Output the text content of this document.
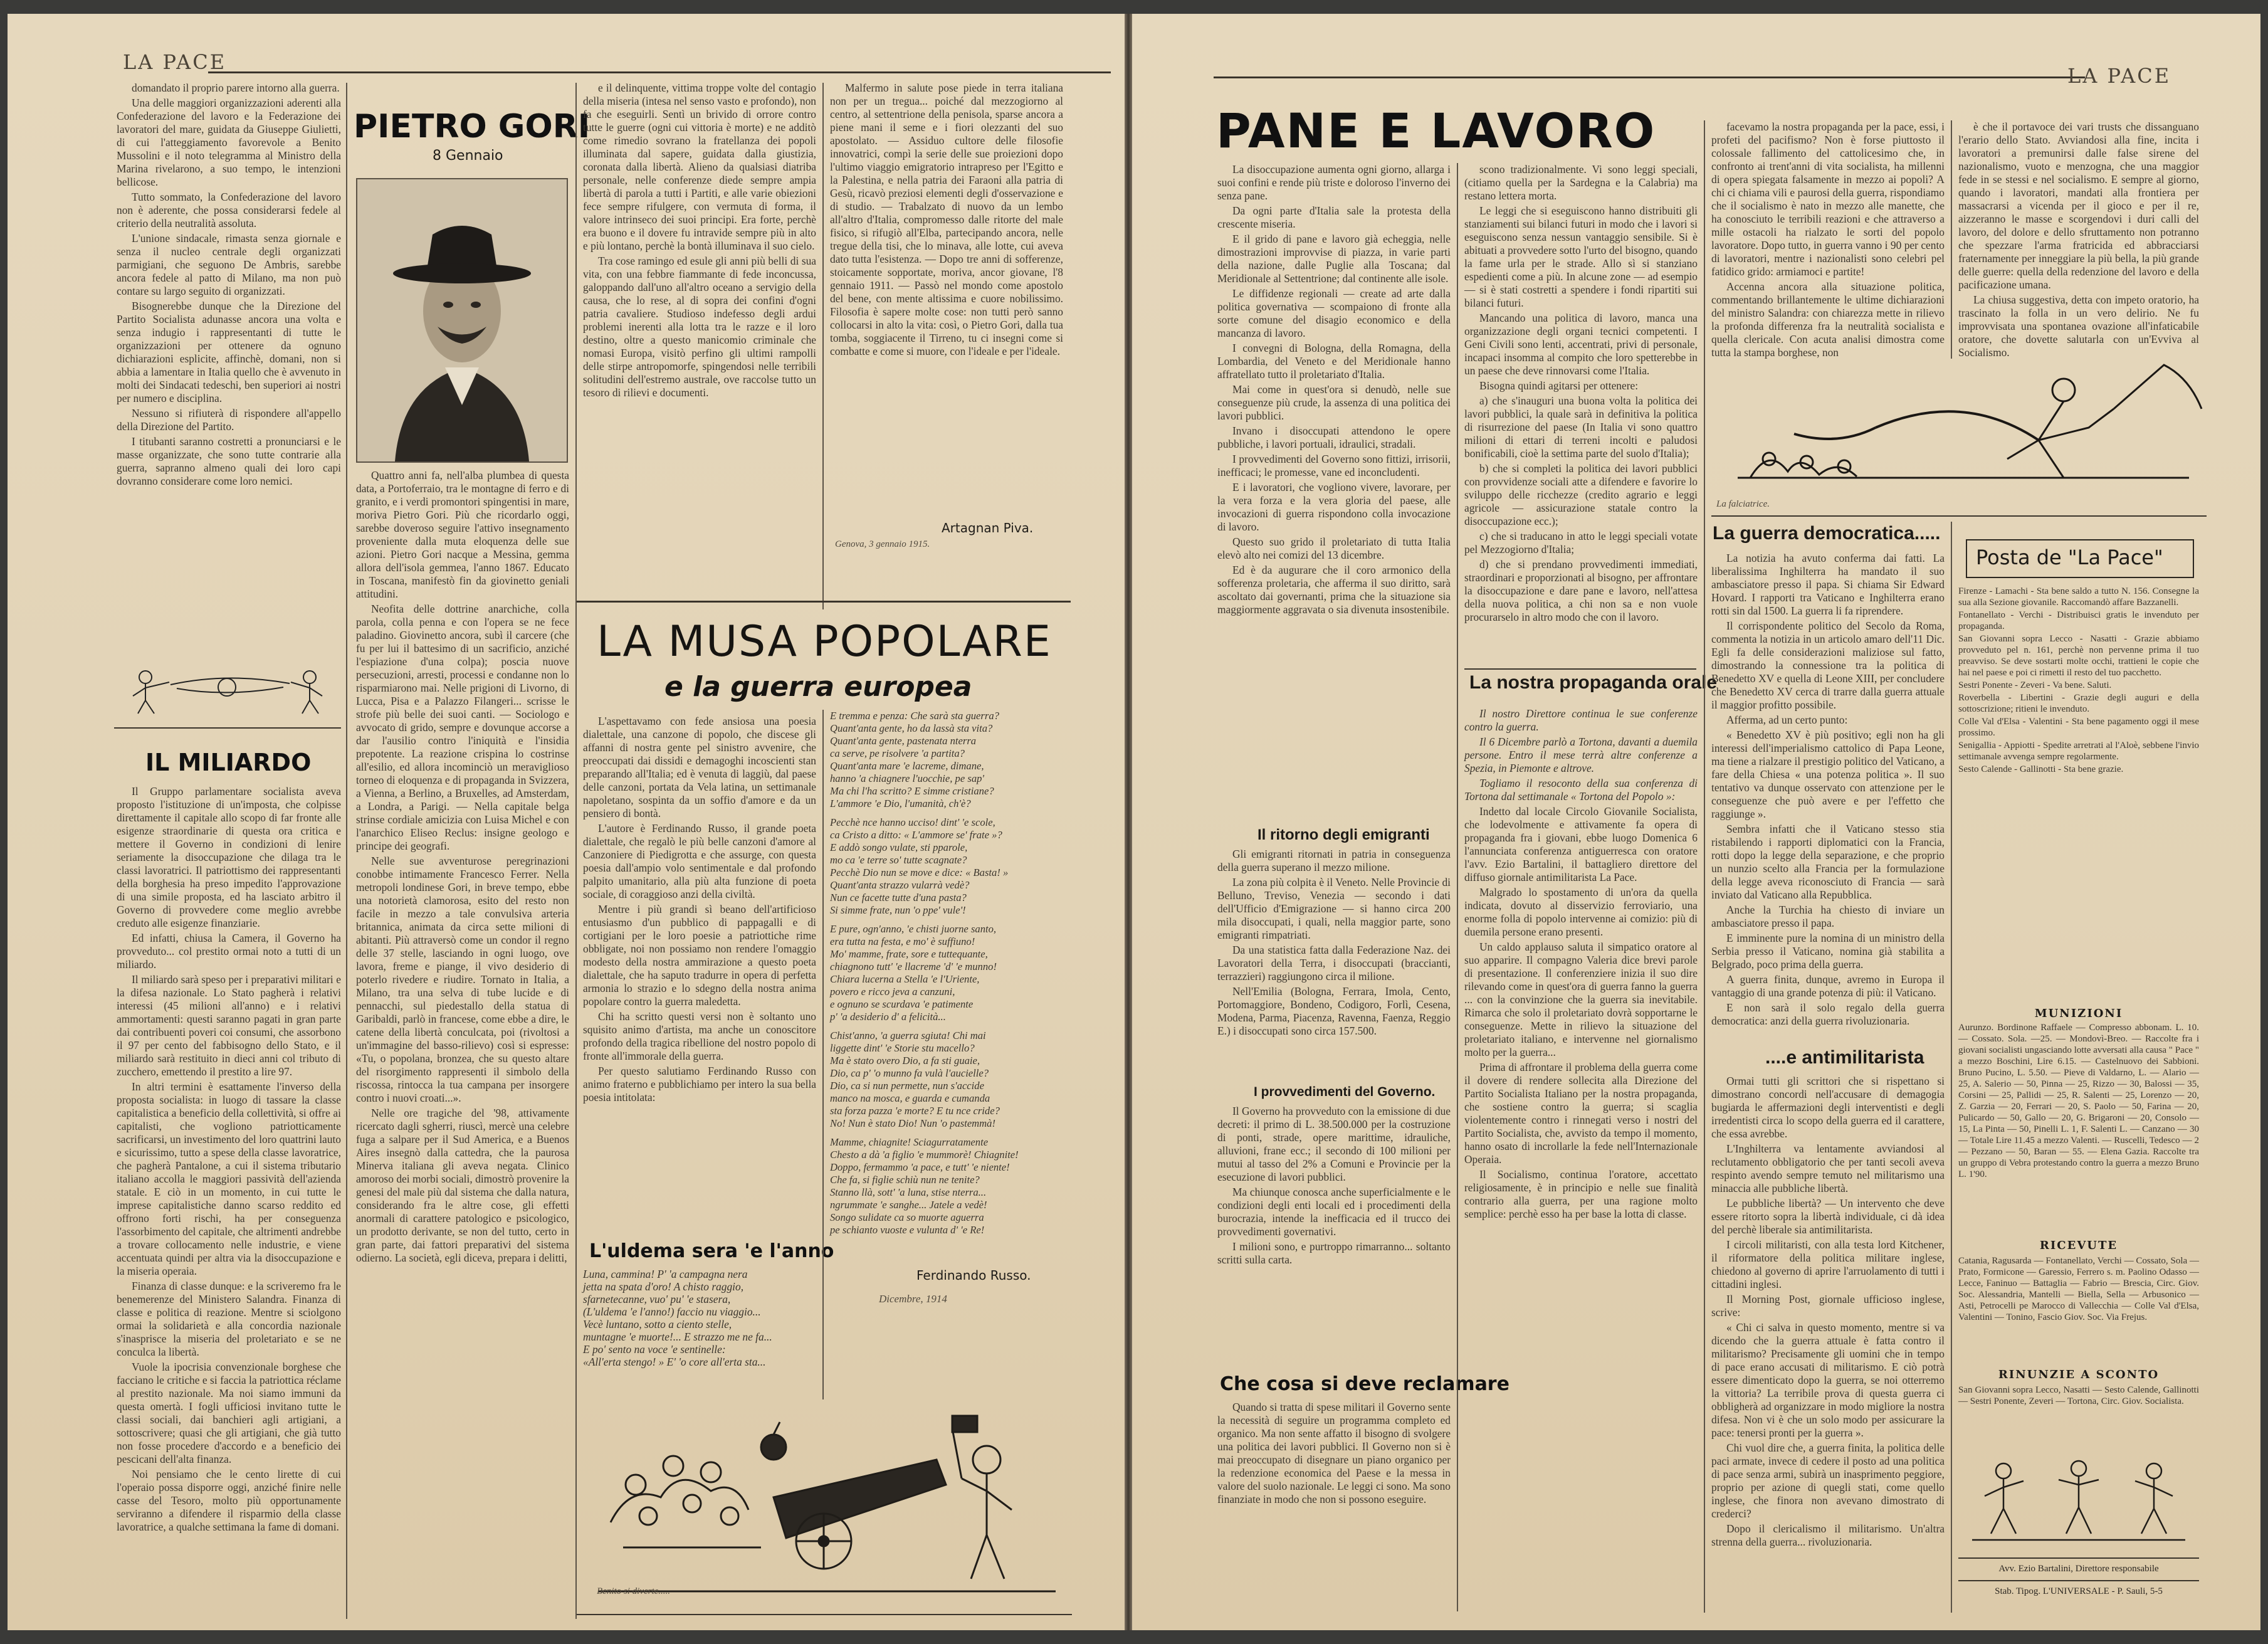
LA PACE

domandato il proprio parere intorno alla guerra.

Una delle maggiori organizzazioni aderenti alla Confederazione del lavoro e la Federazione dei lavoratori del mare, guidata da Giuseppe Giulietti, di cui l'atteggiamento favorevole a Benito Mussolini e il noto telegramma al Ministro della Marina rivelarono, a suo tempo, le intenzioni bellicose.

Tutto sommato, la Confederazione del lavoro non è aderente, che possa considerarsi fedele al criterio della neutralità assoluta.

L'unione sindacale, rimasta senza giornale e senza il nucleo centrale degli organizzati parmigiani, che seguono De Ambris, sarebbe ancora fedele al patto di Milano, ma non può contare su largo seguito di organizzati.

Bisognerebbe dunque che la Direzione del Partito Socialista adunasse ancora una volta e senza indugio i rappresentanti di tutte le organizzazioni per ottenere da ognuno dichiarazioni esplicite, affinchè, domani, non si abbia a lamentare in Italia quello che è avvenuto in molti dei Sindacati tedeschi, ben superiori ai nostri per numero e disciplina.

Nessuno si rifiuterà di rispondere all'appello della Direzione del Partito.

I titubanti saranno costretti a pronunciarsi e le masse organizzate, che sono tutte contrarie alla guerra, sapranno almeno quali dei loro capi dovranno considerare come loro nemici.

IL MILIARDO

Il Gruppo parlamentare socialista aveva proposto l'istituzione di un'imposta, che colpisse direttamente il capitale allo scopo di far fronte alle esigenze straordinarie di questa ora critica e mettere il Governo in condizioni di lenire seriamente la disoccupazione che dilaga tra le classi lavoratrici. Il patriottismo dei rappresentanti della borghesia ha preso impedito l'approvazione di una simile proposta, ed ha lasciato arbitro il Governo di provvedere come meglio avrebbe creduto alle esigenze finanziarie.

Ed infatti, chiusa la Camera, il Governo ha provveduto... col prestito ormai noto a tutti di un miliardo.

Il miliardo sarà speso per i preparativi militari e la difesa nazionale. Lo Stato pagherà i relativi interessi (45 milioni all'anno) e i relativi ammortamenti: questi saranno pagati in gran parte dai contribuenti poveri coi consumi, che assorbono il 97 per cento del fabbisogno dello Stato, e il miliardo sarà restituito in dieci anni col tributo di zucchero, emettendo il prestito a lire 97.

In altri termini è esattamente l'inverso della proposta socialista: in luogo di tassare la classe capitalistica a beneficio della collettività, si offre ai capitalisti, che vogliono patriotticamente sacrificarsi, un investimento del loro quattrini lauto e sicurissimo, tutto a spese della classe lavoratrice, che pagherà Pantalone, a cui il sistema tributario italiano accolla le maggiori passività dell'azienda statale. E ciò in un momento, in cui tutte le imprese capitalistiche danno scarso reddito ed offrono forti rischi, ha per conseguenza l'assorbimento del capitale, che altrimenti andrebbe a trovare collocamento nelle industrie, e viene accentuata quindi per altra via la disoccupazione e la miseria operaia.

Finanza di classe dunque: e la scriveremo fra le benemerenze del Ministero Salandra. Finanza di classe e politica di reazione. Mentre si sciolgono ormai la solidarietà e alla concordia nazionale s'inasprisce la miseria del proletariato e se ne conculca la libertà.

Vuole la ipocrisia convenzionale borghese che facciano le critiche e si faccia la patriottica réclame al prestito nazionale. Ma noi siamo immuni da questa omertà. I fogli ufficiosi invitano tutte le classi sociali, dai banchieri agli artigiani, a sottoscrivere; quasi che gli artigiani, che già tutto non fosse procedere d'accordo e a beneficio dei pescicani dell'alta finanza.

Noi pensiamo che le cento lirette di cui l'operaio possa disporre oggi, anziché finire nelle casse del Tesoro, molto più opportunamente serviranno a difendere il risparmio della classe lavoratrice, a qualche settimana la fame di domani.

PIETRO GORI
8 Gennaio

Quattro anni fa, nell'alba plumbea di questa data, a Portoferraio, tra le montagne di ferro e di granito, e i verdi promontori spingentisi in mare, moriva Pietro Gori. Più che ricordarlo oggi, sarebbe doveroso seguire l'attivo insegnamento proveniente dalla muta eloquenza delle sue azioni. Pietro Gori nacque a Messina, gemma allora dell'isola gemmea, l'anno 1867. Educato in Toscana, manifestò fin da giovinetto geniali attitudini.

Neofita delle dottrine anarchiche, colla parola, colla penna e con l'opera se ne fece paladino. Giovinetto ancora, subì il carcere (che fu per lui il battesimo di un sacrificio, anziché l'espiazione d'una colpa); poscia nuove persecuzioni, arresti, processi e condanne non lo risparmiarono mai. Nelle prigioni di Livorno, di Lucca, Pisa e a Palazzo Filangeri... scrisse le strofe più belle dei suoi canti. — Sociologo e avvocato di grido, sempre e dovunque accorse a dar l'ausilio contro l'iniquità e l'insidia prepotente. La reazione crispina lo costrinse all'esilio, ed allora incominciò un meraviglioso torneo di eloquenza e di propaganda in Svizzera, a Vienna, a Berlino, a Bruxelles, ad Amsterdam, a Londra, a Parigi. — Nella capitale belga strinse cordiale amicizia con Luisa Michel e con l'anarchico Eliseo Reclus: insigne geologo e principe dei geografi.

Nelle sue avventurose peregrinazioni conobbe intimamente Francesco Ferrer. Nella metropoli londinese Gori, in breve tempo, ebbe una notorietà clamorosa, esito del resto non facile in mezzo a tale convulsiva arteria britannica, animata da circa sette milioni di abitanti. Più attraversò come un condor il regno delle 37 stelle, lasciando in ogni luogo, ove lavora, freme e piange, il vivo desiderio di poterlo rivedere e riudire. Tornato in Italia, a Milano, tra una selva di tube lucide e di pennacchi, sul piedestallo della statua di Garibaldi, parlò in francese, come ebbe a dire, le catene della libertà conculcata, poi (rivoltosi a un'immagine del basso-rilievo) così si espresse: «Tu, o popolana, bronzea, che su questo altare del risorgimento rappresenti il simbolo della riscossa, rintocca la tua campana per insorgere contro i nuovi croati...».

Nelle ore tragiche del '98, attivamente ricercato dagli sgherri, riuscì, mercè una celebre fuga a salpare per il Sud America, e a Buenos Aires insegnò dalla cattedra, che la paurosa Minerva italiana gli aveva negata. Clinico amoroso dei morbi sociali, dimostrò provenire la genesi del male più dal sistema che dalla natura, considerando fra le altre cose, gli effetti anormali di carattere patologico e psicologico, un prodotto derivante, se non del tutto, certo in gran parte, dai fattori preparativi del sistema odierno. La società, egli diceva, prepara i delitti,

e il delinquente, vittima troppe volte del contagio della miseria (intesa nel senso vasto e profondo), non fa che eseguirli. Sentì un brivido di orrore contro tutte le guerre (ogni cui vittoria è morte) e ne additò come rimedio sovrano la fratellanza dei popoli illuminata dal sapere, guidata dalla giustizia, coronata dalla libertà. Alieno da qualsiasi diatriba personale, nelle conferenze diede sempre ampia libertà di parola a tutti i Partiti, e alle varie obiezioni fece sempre rifulgere, con vermuta di forma, il valore intrinseco dei suoi principi. Era forte, perchè era buono e il dovere fu intravide sempre più in alto e più lontano, perchè la bontà illuminava il suo cielo.

Tra cose ramingo ed esule gli anni più belli di sua vita, con una febbre fiammante di fede inconcussa, galoppando dall'uno all'altro oceano a servigio della causa, che lo rese, al di sopra dei confini d'ogni patria cavaliere. Studioso indefesso degli ardui problemi inerenti alla lotta tra le razze e il loro destino, oltre a questo manicomio criminale che nomasi Europa, visitò perfino gli ultimi rampolli delle stirpe antropomorfe, spingendosi nelle terribili solitudini dell'estremo australe, ove raccolse tutto un tesoro di rilievi e documenti.

Malfermo in salute pose piede in terra italiana non per un tregua... poiché dal mezzogiorno al centro, al settentrione della penisola, sparse ancora a piene mani il seme e i fiori olezzanti del suo apostolato. — Assiduo cultore delle filosofie innovatrici, compì la serie delle sue proiezioni dopo l'ultimo viaggio emigratorio intrapreso per l'Egitto e la Palestina, e nella patria dei Faraoni alla patria di Gesù, ricavò preziosi elementi degli d'osservazione e di studio. — Trabalzato di nuovo da un lembo all'altro d'Italia, compromesso dalle ritorte del male fisico, si rifugiò all'Elba, partecipando ancora, nelle tregue della tisi, che lo minava, alle lotte, cui aveva dato tutta l'esistenza. — Dopo tre anni di sofferenze, stoicamente sopportate, moriva, ancor giovane, l'8 gennaio 1911. — Passò nel mondo come apostolo del bene, con mente altissima e cuore nobilissimo. Filosofia è sapere molte cose: non tutti però sanno collocarsi in alto la vita: così, o Pietro Gori, dalla tua tomba, soggiacente il Tirreno, tu ci insegni come si combatte e come si muore, con l'ideale e per l'ideale.

Artagnan Piva.
Genova, 3 gennaio 1915.
LA MUSA POPOLARE
e la guerra europea

L'aspettavamo con fede ansiosa una poesia dialettale, una canzone di popolo, che discese gli affanni di nostra gente pel sinistro avvenire, che preoccupati dai dissidi e demagoghi incoscienti stan preparando all'Italia; ed è venuta di laggiù, dal paese delle canzoni, portata da Vela latina, un settimanale napoletano, sospinta da un soffio d'amore e da un pensiero di bontà.

L'autore è Ferdinando Russo, il grande poeta dialettale, che regalò le più belle canzoni d'amore al Canzoniere di Piedigrotta e che assurge, con questa poesia dall'ampio volo sentimentale e dal profondo palpito umanitario, alla più alta funzione di poeta sociale, di coraggioso anzi della civiltà.

Mentre i più grandi sì beano dell'artificioso entusiasmo d'un pubblico di pappagalli e di cortigiani per le loro poesie a patriottiche rime obbligate, noi non possiamo non rendere l'omaggio modesto della nostra ammirazione a questo poeta dialettale, che ha saputo tradurre in opera di perfetta armonia lo strazio e lo sdegno della nostra anima popolare contro la guerra maledetta.

Chi ha scritto questi versi non è soltanto uno squisito animo d'artista, ma anche un conoscitore profondo della tragica ribellione del nostro popolo di fronte all'immorale della guerra.

Per questo salutiamo Ferdinando Russo con animo fraterno e pubblichiamo per intero la sua bella poesia intitolata:

L'uldema sera 'e l'anno
Luna, cammina! P' 'a campagna nera
jetta na spata d'oro! A chisto raggio,
sfarnetecanne, vuo' pu' 'e stasera,
(L'uldema 'e l'anno!) faccio nu viaggio...
Vecè luntano, sotto a ciento stelle,
muntagne 'e muorte!... E strazzo me ne fa...
E po' sento na voce 'e sentinelle:
«All'erta stengo! » E' 'o core all'erta sta...
E tremma e penza: Che sarà sta guerra?
Quant'anta gente, ho da lassà sta vita?
Quant'anta gente, pastenata nterra
ca serve, pe risolvere 'a partita?
Quant'anta mare 'e lacreme, dimane,
hanno 'a chiagnere l'uocchie, pe sap'
Ma chi l'ha scritto? E simme cristiane?
L'ammore 'e Dio, l'umanità, ch'è?
Pecchè nce hanno ucciso! dint' 'e scole,
ca Cristo a ditto: « L'ammore se' frate »?
E addò songo vulate, sti pparole,
mo ca 'e terre so' tutte scagnate?
Pecchè Dio nun se move e dice: « Basta! »
Quant'anta strazzo vularrà vedè?
Nun ce facette tutte d'una pasta?
Si simme frate, nun 'o ppe' vule'!
E pure, ogn'anno, 'e chisti juorne santo,
era tutta na festa, e mo' è suffiuno!
Mo' mamme, frate, sore e tuttequante,
chiagnono tutt' 'e llacreme 'd' 'e munno!
Chiara lucerna a Stella 'e l'Uriente,
povero e ricco jeva a canzuni,
e ognuno se scurdava 'e patimente
p' 'a desiderio d' a felicità...
Chist'anno, 'a guerra sgiuta! Chi mai
liggette dint' 'e Storie stu macello?
Ma è stato overo Dio, a fa sti guaie,
Dio, ca p' 'o munno fa vulà l'aucielle?
Dio, ca si nun permette, nun s'accide
manco na mosca, e guarda e cumanda
sta forza pazza 'e morte? E tu nce cride?
No! Nun è stato Dio! Nun 'o pastemmà!
Mamme, chiagnite! Sciagurratamente
Chesto a dà 'a figlio 'e mummorè! Chiagnite!
Doppo, fermammo 'a pace, e tutt' 'e niente!
Che fa, si figlie schiù nun ne tenite?
Stanno llà, sott' 'a luna, stise nterra...
ngrummate 'e sanghe... Jatele a vedè!
Songo sulidate ca so muorte aguerra
pe schianto vuoste e vulunta d' 'e Re!
Ferdinando Russo.
Dicembre, 1914
Benito si diverte.....
LA PACE
PANE E LAVORO

La disoccupazione aumenta ogni giorno, allarga i suoi confini e rende più triste e doloroso l'inverno dei senza pane.

Da ogni parte d'Italia sale la protesta della crescente miseria.

E il grido di pane e lavoro già echeggia, nelle dimostrazioni improvvise di piazza, in varie parti della nazione, dalle Puglie alla Toscana; dal Meridionale al Settentrione; dal continente alle isole.

Le diffidenze regionali — create ad arte dalla politica governativa — scompaiono di fronte alla sorte comune del disagio economico e della mancanza di lavoro.

I convegni di Bologna, della Romagna, della Lombardia, del Veneto e del Meridionale hanno affratellato tutto il proletariato d'Italia.

Mai come in quest'ora si denudò, nelle sue conseguenze più crude, la assenza di una politica dei lavori pubblici.

Invano i disoccupati attendono le opere pubbliche, i lavori portuali, idraulici, stradali.

I provvedimenti del Governo sono fittizi, irrisorii, inefficaci; le promesse, vane ed inconcludenti.

E i lavoratori, che vogliono vivere, lavorare, per la vera forza e la vera gloria del paese, alle invocazioni di guerra rispondono colla invocazione di lavoro.

Questo suo grido il proletariato di tutta Italia elevò alto nei comizi del 13 dicembre.

Ed è da augurare che il coro armonico della sofferenza proletaria, che afferma il suo diritto, sarà ascoltato dai governanti, prima che la situazione sia maggiormente aggravata o sia divenuta insostenibile.

Il ritorno degli emigranti

Gli emigranti ritornati in patria in conseguenza della guerra superano il mezzo milione.

La zona più colpita è il Veneto. Nelle Provincie di Belluno, Treviso, Venezia — secondo i dati dell'Ufficio d'Emigrazione — si hanno circa 200 mila disoccupati, i quali, nella maggior parte, sono emigranti rimpatriati.

Da una statistica fatta dalla Federazione Naz. dei Lavoratori della Terra, i disoccupati (braccianti, terrazzieri) raggiungono circa il milione.

Nell'Emilia (Bologna, Ferrara, Imola, Cento, Portomaggiore, Bondeno, Codigoro, Forlì, Cesena, Modena, Parma, Piacenza, Ravenna, Faenza, Reggio E.) i disoccupati sono circa 157.500.

I provvedimenti del Governo.

Il Governo ha provveduto con la emissione di due decreti: il primo di L. 38.500.000 per la costruzione di ponti, strade, opere marittime, idrauliche, alluvioni, frane ecc.; il secondo di 100 milioni per mutui al tasso del 2% a Comuni e Provincie per la esecuzione di lavori pubblici.

Ma chiunque conosca anche superficialmente e le condizioni degli enti locali ed i procedimenti della burocrazia, intende la inefficacia ed il trucco dei provvedimenti governativi.

I milioni sono, e purtroppo rimarranno... soltanto scritti sulla carta.

Che cosa si deve reclamare

Quando si tratta di spese militari il Governo sente la necessità di seguire un programma completo ed organico. Ma non sente affatto il bisogno di svolgere una politica dei lavori pubblici. Il Governo non si è mai preoccupato di disegnare un piano organico per la redenzione economica del Paese e la messa in valore del suolo nazionale. Le leggi ci sono. Ma sono finanziate in modo che non si possono eseguire.

scono tradizionalmente. Vi sono leggi speciali, (citiamo quella per la Sardegna e la Calabria) ma restano lettera morta.

Le leggi che si eseguiscono hanno distribuiti gli stanziamenti sui bilanci futuri in modo che i lavori si eseguiscono senza nessun vantaggio sensibile. Si è abituati a provvedere sotto l'urto del bisogno, quando la fame urla per le strade. Allo sì si stanziano espedienti come a più. In alcune zone — ad esempio — si è stati costretti a spendere i fondi ripartiti sui bilanci futuri.

Mancando una politica di lavoro, manca una organizzazione degli organi tecnici competenti. I Geni Civili sono lenti, accentrati, privi di personale, incapaci insomma al compito che loro spetterebbe in un paese che deve rinnovarsi come l'Italia.

Bisogna quindi agitarsi per ottenere:

a) che s'inauguri una buona volta la politica dei lavori pubblici, la quale sarà in definitiva la politica di risurrezione del paese (In Italia vi sono quattro milioni di ettari di terreni incolti e paludosi bonificabili, cioè la settima parte del suolo d'Italia);

b) che si completi la politica dei lavori pubblici con provvidenze sociali atte a difendere e favorire lo sviluppo delle ricchezze (credito agrario e leggi agricole — assicurazione statale contro la disoccupazione ecc.);

c) che si traducano in atto le leggi speciali votate pel Mezzogiorno d'Italia;

d) che si prendano provvedimenti immediati, straordinari e proporzionati al bisogno, per affrontare la disoccupazione e dare pane e lavoro, nell'attesa della nuova politica, a chi non sa e non vuole procurarselo in altro modo che con il lavoro.

La nostra propaganda orale

Il nostro Direttore continua le sue conferenze contro la guerra.

Il 6 Dicembre parlò a Tortona, davanti a duemila persone. Entro il mese terrà altre conferenze a Spezia, in Piemonte e altrove.

Togliamo il resoconto della sua conferenza di Tortona dal settimanale « Tortona del Popolo »:

Indetto dal locale Circolo Giovanile Socialista, che lodevolmente e attivamente fa opera di propaganda fra i giovani, ebbe luogo Domenica 6 l'annunciata conferenza antiguerresca con oratore l'avv. Ezio Bartalini, il battagliero direttore del diffuso giornale antimilitarista La Pace.

Malgrado lo spostamento di un'ora da quella indicata, dovuto al disservizio ferroviario, una enorme folla di popolo intervenne ai comizio: più di duemila persone erano presenti.

Un caldo applauso saluta il simpatico oratore al suo apparire. Il compagno Valeria dice brevi parole di presentazione. Il conferenziere inizia il suo dire rilevando come in quest'ora di guerra fanno la guerra ... con la convinzione che la guerra sia inevitabile. Rimarca che solo il proletariato dovrà sopportarne le conseguenze. Mette in rilievo la situazione del proletariato italiano, e intervenne nel giornalismo molto per la guerra...

Prima di affrontare il problema della guerra come il dovere di rendere sollecita alla Direzione del Partito Socialista Italiano per la nostra propaganda, che sostiene contro la guerra; si scaglia violentemente contro i rinnegati verso i nostri del Partito Socialista, che, avvisto da tempo il momento, hanno osato di incrollarle la fede nell'Internazionale Operaia.

Il Socialismo, continua l'oratore, accettato religiosamente, è in principio e nelle sue finalità contrario alla guerra, per una ragione molto semplice: perchè esso ha per base la lotta di classe.

facevamo la nostra propaganda per la pace, essi, i profeti del pacifismo? Non è forse piuttosto il colossale fallimento del cattolicesimo che, in confronto ai trent'anni di vita socialista, ha millenni di opera spiegata falsamente in mezzo ai popoli? A chi ci chiama vili e paurosi della guerra, rispondiamo che il socialismo è nato in mezzo alle manette, che ha conosciuto le terribili reazioni e che attraverso a mille ostacoli ha rialzato le sorti del popolo lavoratore. Dopo tutto, in guerra vanno i 90 per cento di lavoratori, mentre i nazionalisti sono celebri pel fatidico grido: armiamoci e partite!

Accenna ancora alla situazione politica, commentando brillantemente le ultime dichiarazioni del ministro Salandra: con chiarezza mette in rilievo la profonda differenza fra la neutralità socialista e quella clericale. Con acuta analisi dimostra come tutta la stampa borghese, non

La falciatrice.
La guerra democratica.....

La notizia ha avuto conferma dai fatti. La liberalissima Inghilterra ha mandato il suo ambasciatore presso il papa. Si chiama Sir Edward Hovard. I rapporti tra Vaticano e Inghilterra erano rotti sin dal 1500. La guerra li fa riprendere.

Il corrispondente politico del Secolo da Roma, commenta la notizia in un articolo amaro dell'11 Dic. Egli fa delle considerazioni maliziose sul fatto, dimostrando la connessione tra la politica di Benedetto XV e quella di Leone XIII, per concludere che Benedetto XV cerca di trarre dalla guerra attuale il maggior profitto possibile.

Afferma, ad un certo punto:

« Benedetto XV è più positivo; egli non ha gli interessi dell'imperialismo cattolico di Papa Leone, ma tiene a rialzare il prestigio politico del Vaticano, a fare della Chiesa « una potenza politica ». Il suo tentativo va dunque osservato con attenzione per le conseguenze che può avere e per l'effetto che raggiunge ».

Sembra infatti che il Vaticano stesso stia ristabilendo i rapporti diplomatici con la Francia, rotti dopo la legge della separazione, e che proprio un nunzio scelto alla Francia per la formulazione della legge aveva riconosciuto di Francia — sarà inviato dal Vaticano alla Repubblica.

Anche la Turchia ha chiesto di inviare un ambasciatore presso il papa.

E imminente pure la nomina di un ministro della Serbia presso il Vaticano, nomina già stabilita a Belgrado, poco prima della guerra.

A guerra finita, dunque, avremo in Europa il vantaggio di una grande potenza di più: il Vaticano.

E non sarà il solo regalo della guerra democratica: anzi della guerra rivoluzionaria.

....e antimilitarista

Ormai tutti gli scrittori che si rispettano si dimostrano concordi nell'accusare di demagogia bugiarda le affermazioni degli interventisti e degli irredentisti circa lo scopo della guerra ed il carattere, che essa avrebbe.

L'Inghilterra va lentamente avviandosi al reclutamento obbligatorio che per tanti secoli aveva respinto avendo sempre temuto nel militarismo una minaccia alle pubbliche libertà.

Le pubbliche libertà? — Un intervento che deve essere ritorto sopra la libertà individuale, ci dà idea del perchè liberale sia antimilitarista.

I circoli militaristi, con alla testa lord Kitchener, il riformatore della politica militare inglese, chiedono al governo di aprire l'arruolamento di tutti i cittadini inglesi.

Il Morning Post, giornale ufficioso inglese, scrive:

« Chi ci salva in questo momento, mentre si va dicendo che la guerra attuale è fatta contro il militarismo? Precisamente gli uomini che in tempo di pace erano accusati di militarismo. E ciò potrà essere dimenticato dopo la guerra, se noi otterremo la vittoria? La terribile prova di questa guerra ci obbligherà ad organizzare in modo migliore la nostra difesa. Non vi è che un solo modo per assicurare la pace: tenersi pronti per la guerra ».

Chi vuol dire che, a guerra finita, la politica delle paci armate, invece di cedere il posto ad una politica di pace senza armi, subirà un inasprimento peggiore, proprio per azione di quegli stati, come quello inglese, che finora non avevano dimostrato di crederci?

Dopo il clericalismo il militarismo. Un'altra strenna della guerra... rivoluzionaria.

è che il portavoce dei vari trusts che dissanguano l'erario dello Stato. Avviandosi alla fine, incita i lavoratori a premunirsi dalle false sirene del nazionalismo, vuoto e menzogna, che una maggior fede in se stessi e nel socialismo. E sempre al giorno, quando i lavoratori, mandati alla frontiera per massacrarsi a vicenda per il gioco e per il re, aizzeranno le masse e scorgendovi i duri calli del lavoro, del dolore e dello sfruttamento non potranno che spezzare l'arma fratricida ed abbracciarsi fraternamente per inneggiare la più bella, la più grande delle guerre: quella della redenzione del lavoro e della pacificazione umana.

La chiusa suggestiva, detta con impeto oratorio, ha trascinato la folla in un vero delirio. Ne fu improvvisata una spontanea ovazione all'infaticabile oratore, che dovette salutarla con un'Evviva al Socialismo.

Posta de "La Pace"

Firenze - Lamachi - Sta bene saldo a tutto N. 156. Consegne la sua alla Sezione giovanile. Raccomandò affare Bazzanelli.

Fontanellato - Verchi - Distribuisci gratis le invenduto per propaganda.

San Giovanni sopra Lecco - Nasatti - Grazie abbiamo provveduto pel n. 161, perchè non pervenne prima il tuo preavviso. Se deve sostarti molte occhi, trattieni le copie che hai nel paese e poi ci rimetti il resto del tuo pacchetto.

Sestri Ponente - Zeveri - Va bene. Saluti.

Roverbella - Libertini - Grazie degli auguri e della sottoscrizione; ritieni le invenduto.

Colle Val d'Elsa - Valentini - Sta bene pagamento oggi il mese prossimo.

Senigallia - Appiotti - Spedite arretrati al l'Aloè, sebbene l'invio settimanale avvenga sempre regolarmente.

Sesto Calende - Gallinotti - Sta bene grazie.

MUNIZIONI
Aurunzo. Bordinone Raffaele — Compresso abbonam. L. 10. — Cossato. Sola. —25. — Mondovì-Breo. — Raccolte fra i giovani socialisti ungasciando lotte avversati alla causa " Pace " a mezzo Boschini, Lire 6.15. — Castelnuovo dei Sabbioni. Bruno Pucino, L. 5.50. — Pieve di Valdarno, L. — Alario — 25, A. Salerio — 50, Pinna — 25, Rizzo — 30, Balossi — 35, Corsini — 25, Pallidi — 25, R. Salenti — 25, Lorenzo — 20, Z. Garzia — 20, Ferrari — 20, S. Paolo — 50, Farina — 20, Pulicardo — 50, Gallo — 20, G. Brigaroni — 20, Consolo — 15, La Pinta — 50, Pinelli L. 1, F. Salenti L. — Canzano — 30 — Totale Lire 11.45 a mezzo Valenti. — Ruscelli, Tedesco — 2 — Pezzano — 50, Baran — 55. — Elena Gazia. Raccolte tra un gruppo di Vebra protestando contro la guerra a mezzo Bruno L. 1'90.
RICEVUTE
Catania, Ragusarda — Fontanellato, Verchi — Cossato, Sola — Prato, Formicone — Garessio, Ferrero s. m. Paolino Odasso — Lecce, Faninuo — Battaglia — Fabrio — Brescia, Circ. Giov. Soc. Alessandria, Mantelli — Biella, Sella — Arbusonico — Asti, Petrocelli pe Marocco di Vallecchia — Colle Val d'Elsa, Valentini — Tonino, Fascio Giov. Soc. Via Frejus.
RINUNZIE A SCONTO
San Giovanni sopra Lecco, Nasatti — Sesto Calende, Gallinotti — Sestri Ponente, Zeveri — Tortona, Circ. Giov. Socialista.
Avv. Ezio Bartalini, Direttore responsabile
Stab. Tipog. L'UNIVERSALE - P. Sauli, 5-5
